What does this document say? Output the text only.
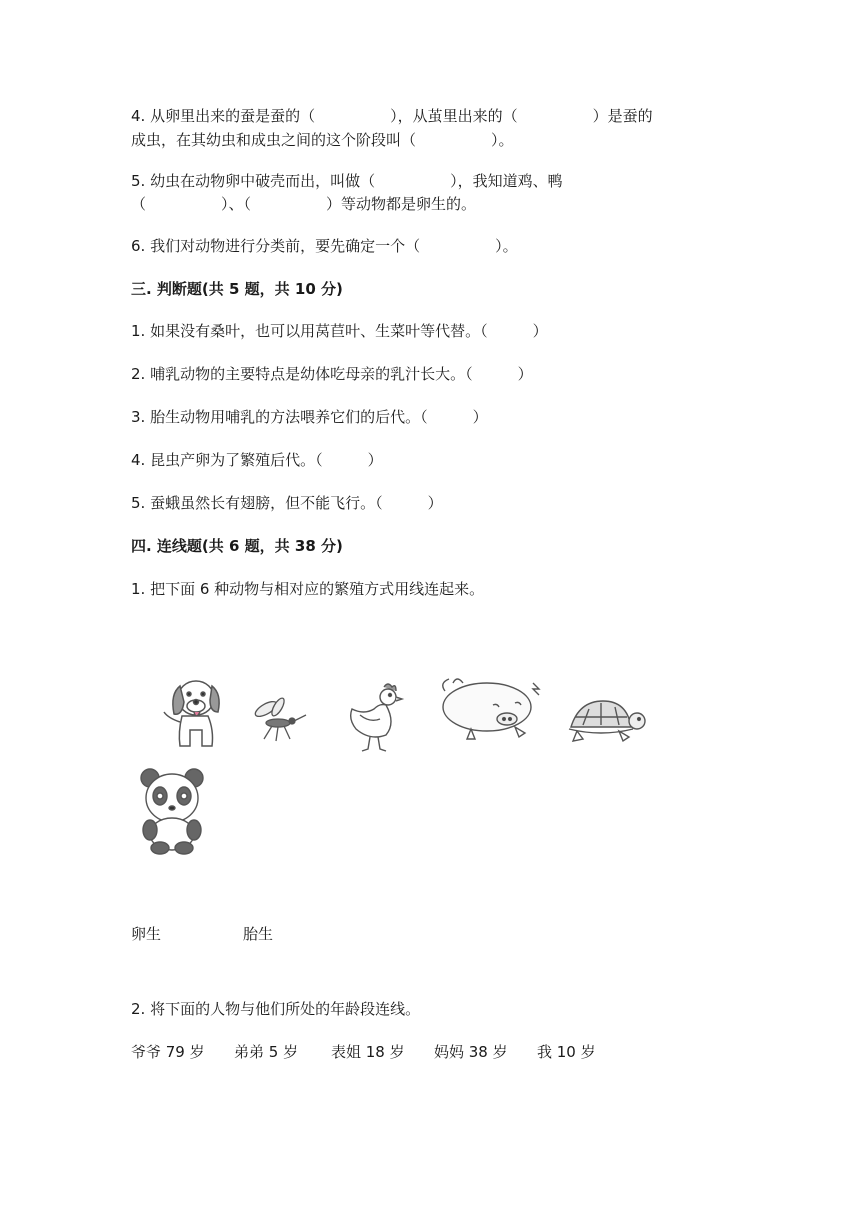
4. 从卵里出来的蚕是蚕的（　　　　　），从茧里出来的（　　　　　）是蚕的
成虫，在其幼虫和成虫之间的这个阶段叫（　　　　　）。
5. 幼虫在动物卵中破壳而出，叫做（　　　　　），我知道鸡、鸭
（　　　　　）、（　　　　　）等动物都是卵生的。
6. 我们对动物进行分类前，要先确定一个（　　　　　）。
三. 判断题(共 5 题，共 10 分)
1. 如果没有桑叶，也可以用莴苣叶、生菜叶等代替。（　　　）
2. 哺乳动物的主要特点是幼体吃母亲的乳汁长大。（　　　）
3. 胎生动物用哺乳的方法喂养它们的后代。（　　　）
4. 昆虫产卵为了繁殖后代。（　　　）
5. 蚕蛾虽然长有翅膀，但不能飞行。（　　　）
四. 连线题(共 6 题，共 38 分)
1. 把下面 6 种动物与相对应的繁殖方式用线连起来。
卵生	胎生
2. 将下面的人物与他们所处的年龄段连线。
爷爷 79 岁 弟弟 5 岁 表姐 18 岁 妈妈 38 岁 我 10 岁
